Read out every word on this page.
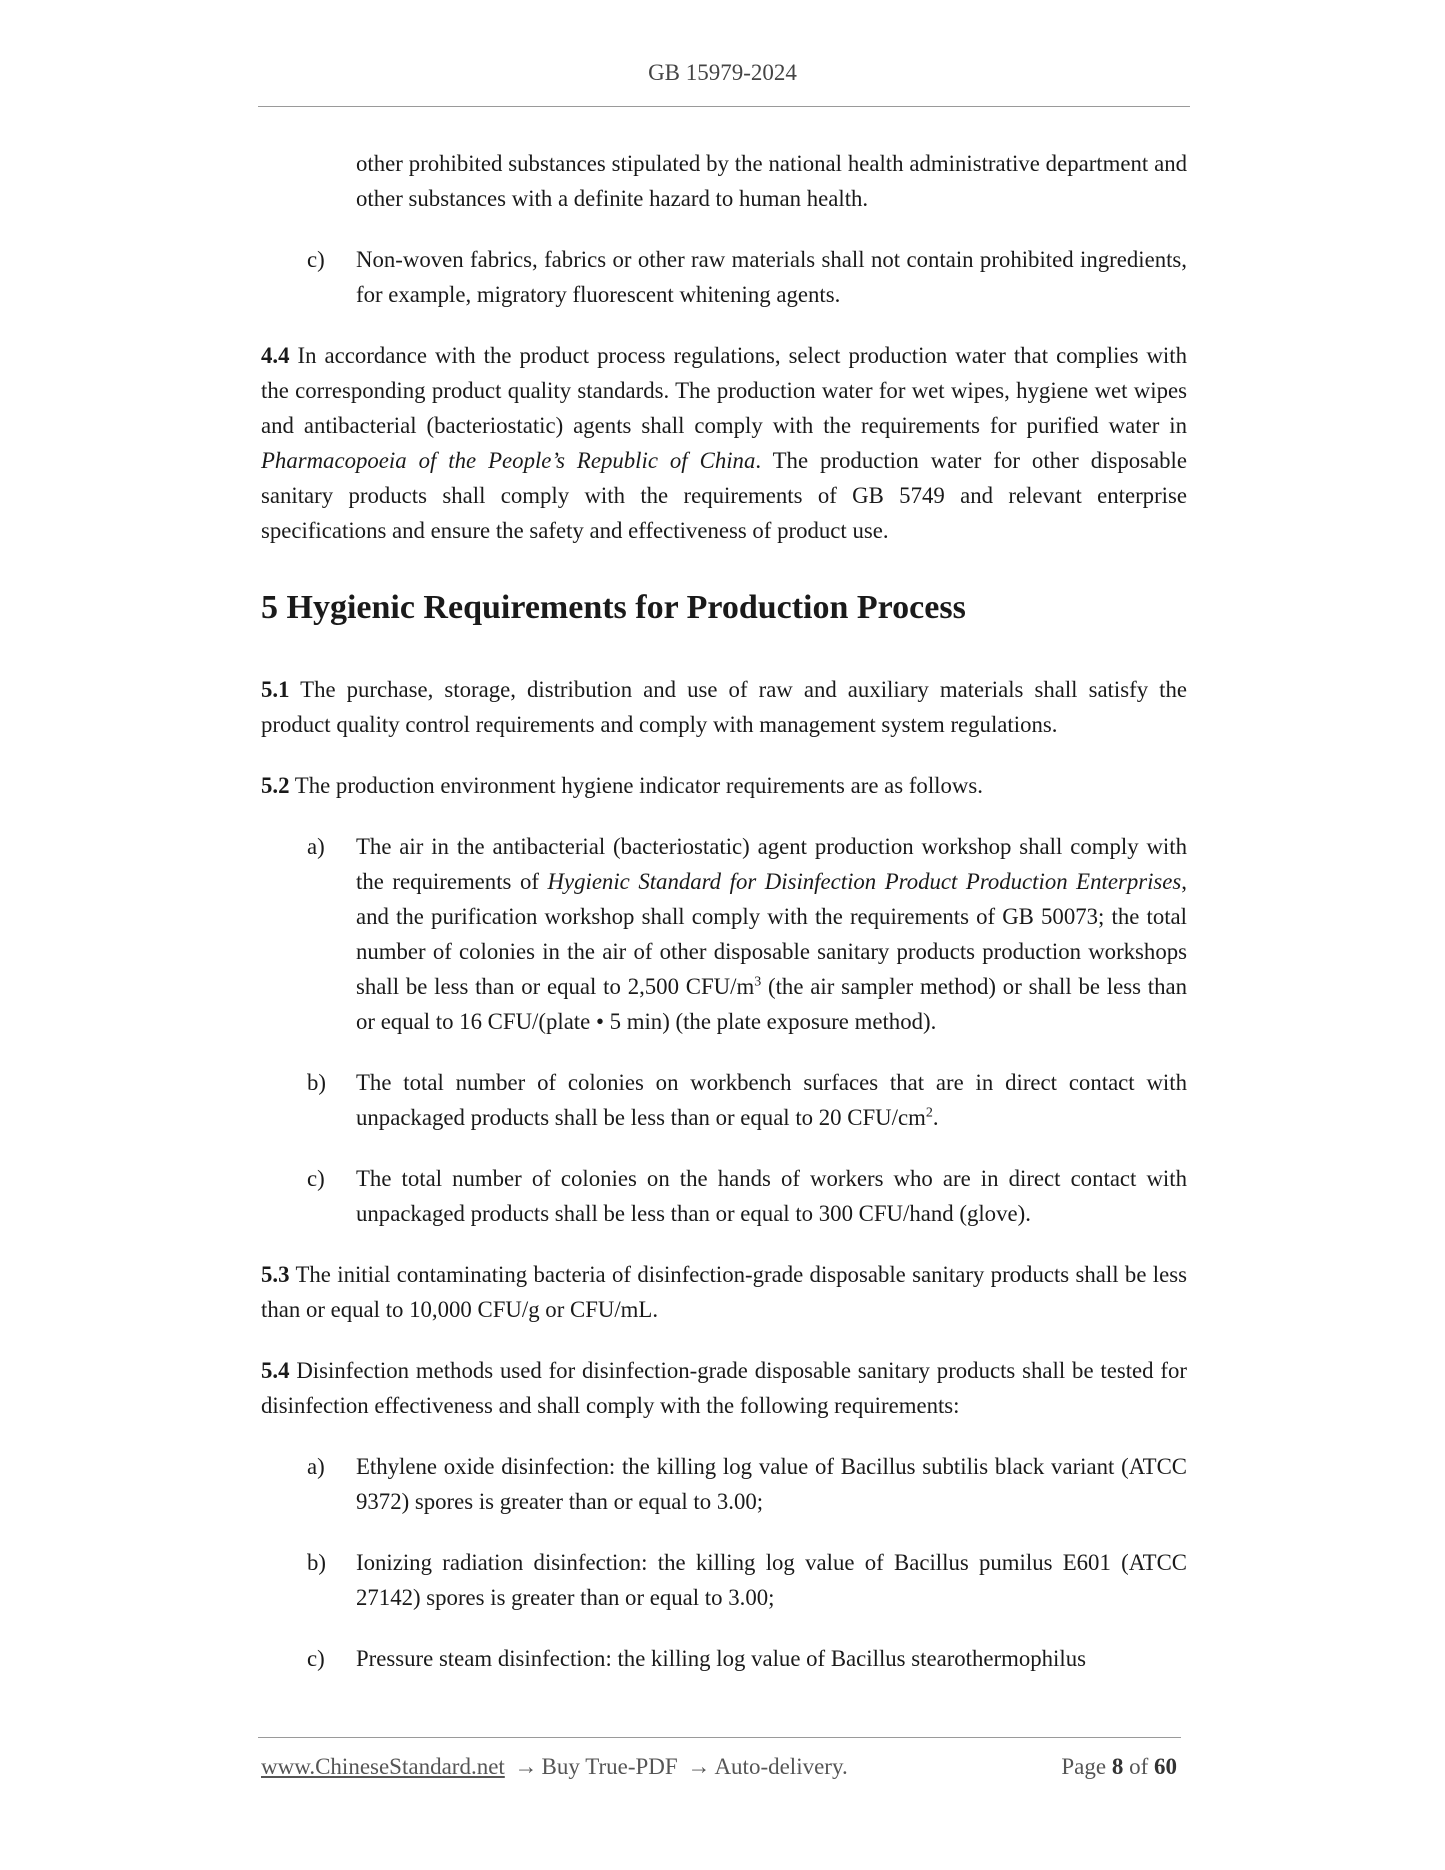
GB 15979-2024

other prohibited substances stipulated by the national health administrative department and other substances with a definite hazard to human health.

c) Non-woven fabrics, fabrics or other raw materials shall not contain prohibited ingredients, for example, migratory fluorescent whitening agents.

4.4 In accordance with the product process regulations, select production water that complies with the corresponding product quality standards. The production water for wet wipes, hygiene wet wipes and antibacterial (bacteriostatic) agents shall comply with the requirements for purified water in Pharmacopoeia of the People’s Republic of China. The production water for other disposable sanitary products shall comply with the requirements of GB 5749 and relevant enterprise specifications and ensure the safety and effectiveness of product use.

5 Hygienic Requirements for Production Process

5.1 The purchase, storage, distribution and use of raw and auxiliary materials shall satisfy the product quality control requirements and comply with management system regulations.

5.2 The production environment hygiene indicator requirements are as follows.

a) The air in the antibacterial (bacteriostatic) agent production workshop shall comply with the requirements of Hygienic Standard for Disinfection Product Production Enterprises, and the purification workshop shall comply with the requirements of GB 50073; the total number of colonies in the air of other disposable sanitary products production workshops shall be less than or equal to 2,500 CFU/$m^3$ (the air sampler method) or shall be less than or equal to 16 CFU/(plate • 5 min) (the plate exposure method).

b) The total number of colonies on workbench surfaces that are in direct contact with unpackaged products shall be less than or equal to 20 CFU/$cm^2$.

c) The total number of colonies on the hands of workers who are in direct contact with unpackaged products shall be less than or equal to 300 CFU/hand (glove).

5.3 The initial contaminating bacteria of disinfection-grade disposable sanitary products shall be less than or equal to 10,000 CFU/g or CFU/mL.

5.4 Disinfection methods used for disinfection-grade disposable sanitary products shall be tested for disinfection effectiveness and shall comply with the following requirements:

a) Ethylene oxide disinfection: the killing log value of Bacillus subtilis black variant (ATCC 9372) spores is greater than or equal to 3.00;

b) Ionizing radiation disinfection: the killing log value of Bacillus pumilus E601 (ATCC 27142) spores is greater than or equal to 3.00;

c) Pressure steam disinfection: the killing log value of Bacillus stearothermophilus

www.ChineseStandard.net → Buy True-PDF → Auto-delivery.	Page 8 of 60
